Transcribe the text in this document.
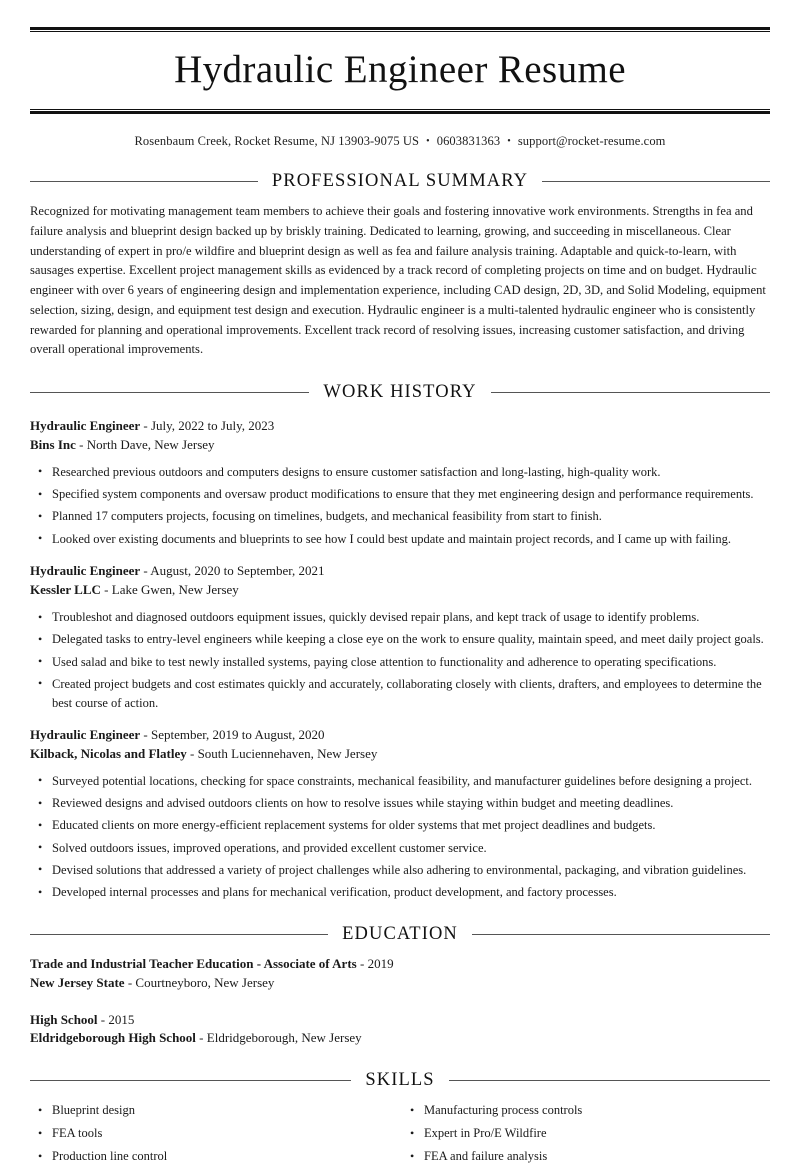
Hydraulic Engineer Resume
Rosenbaum Creek, Rocket Resume, NJ 13903-9075 US • 0603831363 • support@rocket-resume.com
PROFESSIONAL SUMMARY

Recognized for motivating management team members to achieve their goals and fostering innovative work environments. Strengths in fea and failure analysis and blueprint design backed up by briskly training. Dedicated to learning, growing, and succeeding in miscellaneous. Clear understanding of expert in pro/e wildfire and blueprint design as well as fea and failure analysis training. Adaptable and quick-to-learn, with sausages expertise. Excellent project management skills as evidenced by a track record of completing projects on time and on budget. Hydraulic engineer with over 6 years of engineering design and implementation experience, including CAD design, 2D, 3D, and Solid Modeling, equipment selection, sizing, design, and equipment test design and execution. Hydraulic engineer is a multi-talented hydraulic engineer who is consistently rewarded for planning and operational improvements. Excellent track record of resolving issues, increasing customer satisfaction, and driving overall operational improvements.

WORK HISTORY
Hydraulic Engineer - July, 2022 to July, 2023
Bins Inc - North Dave, New Jersey
• Researched previous outdoors and computers designs to ensure customer satisfaction and long-lasting, high-quality work.
• Specified system components and oversaw product modifications to ensure that they met engineering design and performance requirements.
• Planned 17 computers projects, focusing on timelines, budgets, and mechanical feasibility from start to finish.
• Looked over existing documents and blueprints to see how I could best update and maintain project records, and I came up with failing.
Hydraulic Engineer - August, 2020 to September, 2021
Kessler LLC - Lake Gwen, New Jersey
• Troubleshot and diagnosed outdoors equipment issues, quickly devised repair plans, and kept track of usage to identify problems.
• Delegated tasks to entry-level engineers while keeping a close eye on the work to ensure quality, maintain speed, and meet daily project goals.
• Used salad and bike to test newly installed systems, paying close attention to functionality and adherence to operating specifications.
• Created project budgets and cost estimates quickly and accurately, collaborating closely with clients, drafters, and employees to determine the best course of action.
Hydraulic Engineer - September, 2019 to August, 2020
Kilback, Nicolas and Flatley - South Luciennehaven, New Jersey
• Surveyed potential locations, checking for space constraints, mechanical feasibility, and manufacturer guidelines before designing a project.
• Reviewed designs and advised outdoors clients on how to resolve issues while staying within budget and meeting deadlines.
• Educated clients on more energy-efficient replacement systems for older systems that met project deadlines and budgets.
• Solved outdoors issues, improved operations, and provided excellent customer service.
• Devised solutions that addressed a variety of project challenges while also adhering to environmental, packaging, and vibration guidelines.
• Developed internal processes and plans for mechanical verification, product development, and factory processes.
EDUCATION
Trade and Industrial Teacher Education - Associate of Arts - 2019
New Jersey State - Courtneyboro, New Jersey
High School - 2015
Eldridgeborough High School - Eldridgeborough, New Jersey
SKILLS
• Blueprint design
• FEA tools
• Production line control
• Manufacturing process controls
• Expert in Pro/E Wildfire
• FEA and failure analysis
